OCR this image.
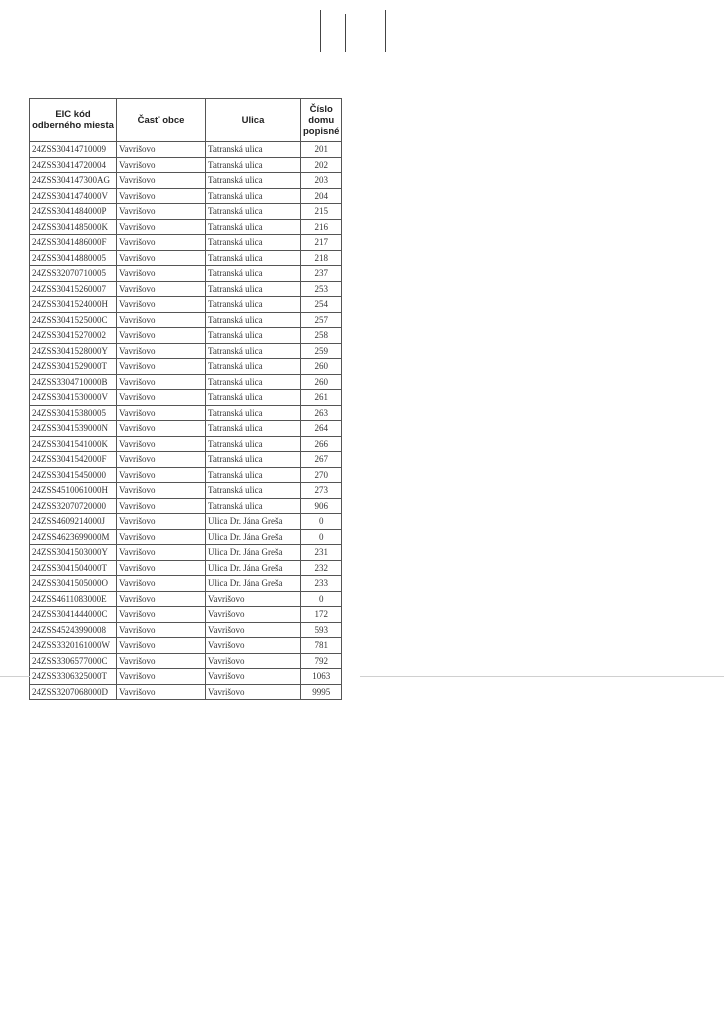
EIC kód odberného miesta	Časť obce	Ulica	Číslo domu popisné
24ZSS30414710009	Vavrišovo	Tatranská ulica	201
24ZSS30414720004	Vavrišovo	Tatranská ulica	202
24ZSS304147300AG	Vavrišovo	Tatranská ulica	203
24ZSS3041474000V	Vavrišovo	Tatranská ulica	204
24ZSS3041484000P	Vavrišovo	Tatranská ulica	215
24ZSS3041485000K	Vavrišovo	Tatranská ulica	216
24ZSS3041486000F	Vavrišovo	Tatranská ulica	217
24ZSS30414880005	Vavrišovo	Tatranská ulica	218
24ZSS32070710005	Vavrišovo	Tatranská ulica	237
24ZSS30415260007	Vavrišovo	Tatranská ulica	253
24ZSS3041524000H	Vavrišovo	Tatranská ulica	254
24ZSS3041525000C	Vavrišovo	Tatranská ulica	257
24ZSS30415270002	Vavrišovo	Tatranská ulica	258
24ZSS3041528000Y	Vavrišovo	Tatranská ulica	259
24ZSS3041529000T	Vavrišovo	Tatranská ulica	260
24ZSS3304710000B	Vavrišovo	Tatranská ulica	260
24ZSS3041530000V	Vavrišovo	Tatranská ulica	261
24ZSS30415380005	Vavrišovo	Tatranská ulica	263
24ZSS3041539000N	Vavrišovo	Tatranská ulica	264
24ZSS3041541000K	Vavrišovo	Tatranská ulica	266
24ZSS3041542000F	Vavrišovo	Tatranská ulica	267
24ZSS30415450000	Vavrišovo	Tatranská ulica	270
24ZSS4510061000H	Vavrišovo	Tatranská ulica	273
24ZSS32070720000	Vavrišovo	Tatranská ulica	906
24ZSS4609214000J	Vavrišovo	Ulica Dr. Jána Greša	0
24ZSS4623699000M	Vavrišovo	Ulica Dr. Jána Greša	0
24ZSS3041503000Y	Vavrišovo	Ulica Dr. Jána Greša	231
24ZSS3041504000T	Vavrišovo	Ulica Dr. Jána Greša	232
24ZSS3041505000O	Vavrišovo	Ulica Dr. Jána Greša	233
24ZSS4611083000E	Vavrišovo	Vavrišovo	0
24ZSS3041444000C	Vavrišovo	Vavrišovo	172
24ZSS45243990008	Vavrišovo	Vavrišovo	593
24ZSS3320161000W	Vavrišovo	Vavrišovo	781
24ZSS3306577000C	Vavrišovo	Vavrišovo	792
24ZSS3306325000T	Vavrišovo	Vavrišovo	1063
24ZSS3207068000D	Vavrišovo	Vavrišovo	9995
